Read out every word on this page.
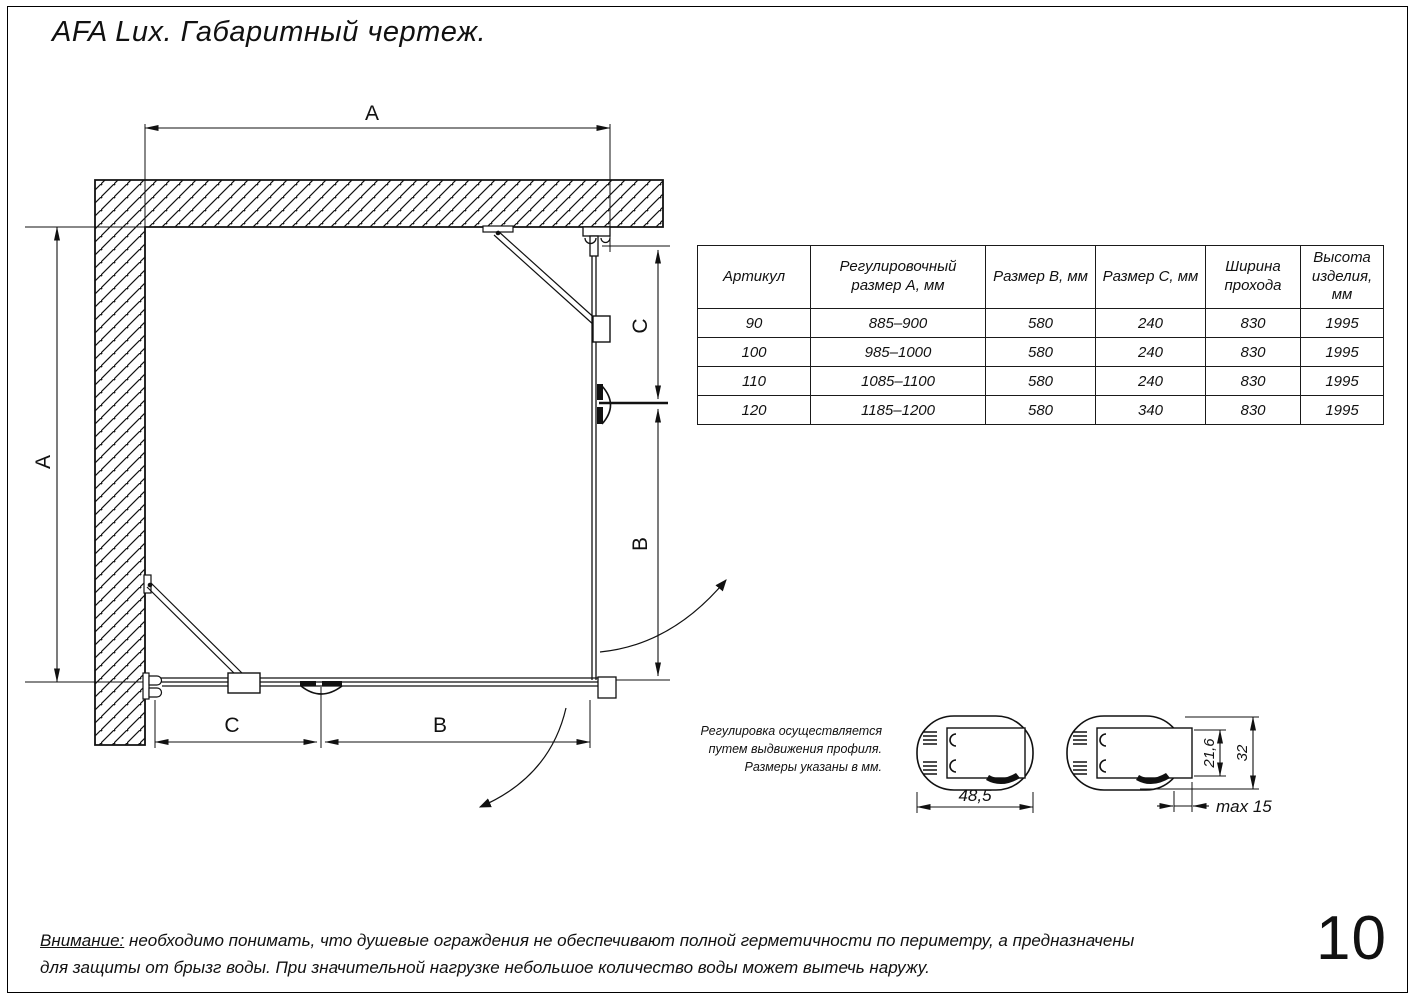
AFA Lux. Габаритный чертеж.
A
A
C
B
C	B
Артикул	Регулировочный размер А, мм	Размер В, мм	Размер С, мм	Ширина прохода	Высота изделия, мм
90	885–900	580	240	830	1995
100	985–1000	580	240	830	1995
110	1085–1100	580	240	830	1995
120	1185–1200	580	340	830	1995
Регулировка осуществляется
путем выдвижения профиля.
Размеры указаны в мм.
48,5
21,6 32
max 15
Внимание: необходимо понимать, что душевые ограждения не обеспечивают полной герметичности по периметру, а предназначены
для защиты от брызг воды. При значительной нагрузке небольшое количество воды может вытечь наружу.	10
